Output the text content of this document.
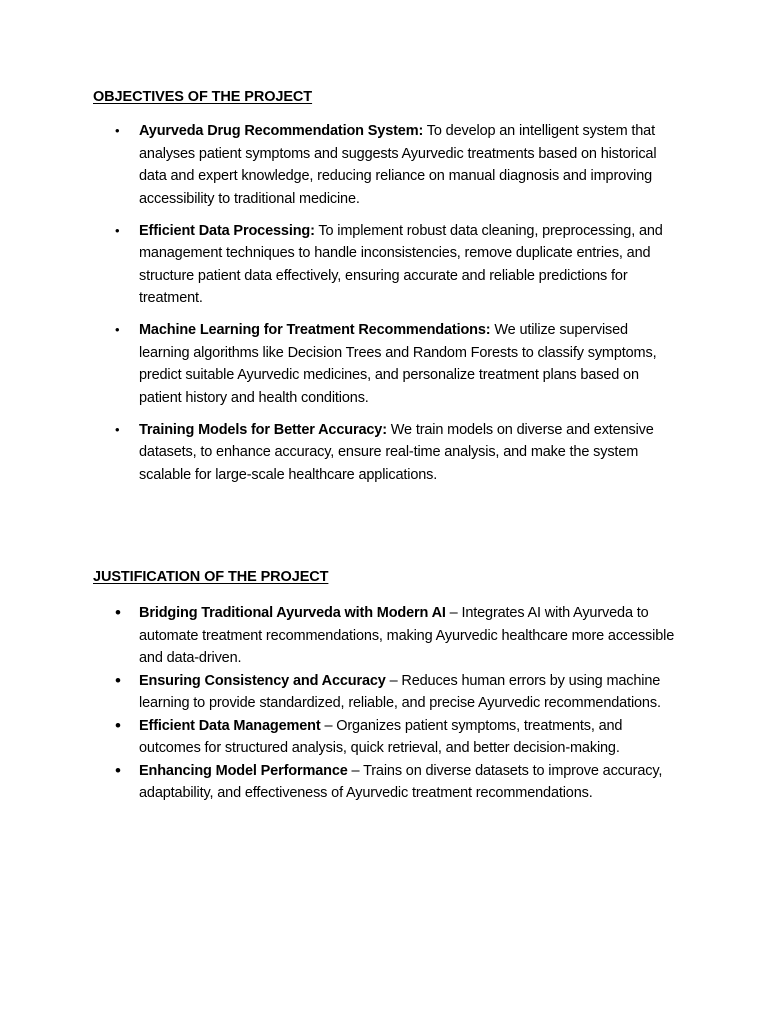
OBJECTIVES OF THE PROJECT
• Ayurveda Drug Recommendation System: To develop an intelligent system that analyses patient symptoms and suggests Ayurvedic treatments based on historical data and expert knowledge, reducing reliance on manual diagnosis and improving accessibility to traditional medicine.
• Efficient Data Processing: To implement robust data cleaning, preprocessing, and management techniques to handle inconsistencies, remove duplicate entries, and structure patient data effectively, ensuring accurate and reliable predictions for treatment.
• Machine Learning for Treatment Recommendations: We utilize supervised learning algorithms like Decision Trees and Random Forests to classify symptoms, predict suitable Ayurvedic medicines, and personalize treatment plans based on patient history and health conditions.
• Training Models for Better Accuracy: We train models on diverse and extensive datasets, to enhance accuracy, ensure real-time analysis, and make the system scalable for large-scale healthcare applications.
JUSTIFICATION OF THE PROJECT
• Bridging Traditional Ayurveda with Modern AI – Integrates AI with Ayurveda to automate treatment recommendations, making Ayurvedic healthcare more accessible and data-driven.
• Ensuring Consistency and Accuracy – Reduces human errors by using machine learning to provide standardized, reliable, and precise Ayurvedic recommendations.
• Efficient Data Management – Organizes patient symptoms, treatments, and outcomes for structured analysis, quick retrieval, and better decision-making.
• Enhancing Model Performance – Trains on diverse datasets to improve accuracy, adaptability, and effectiveness of Ayurvedic treatment recommendations.
